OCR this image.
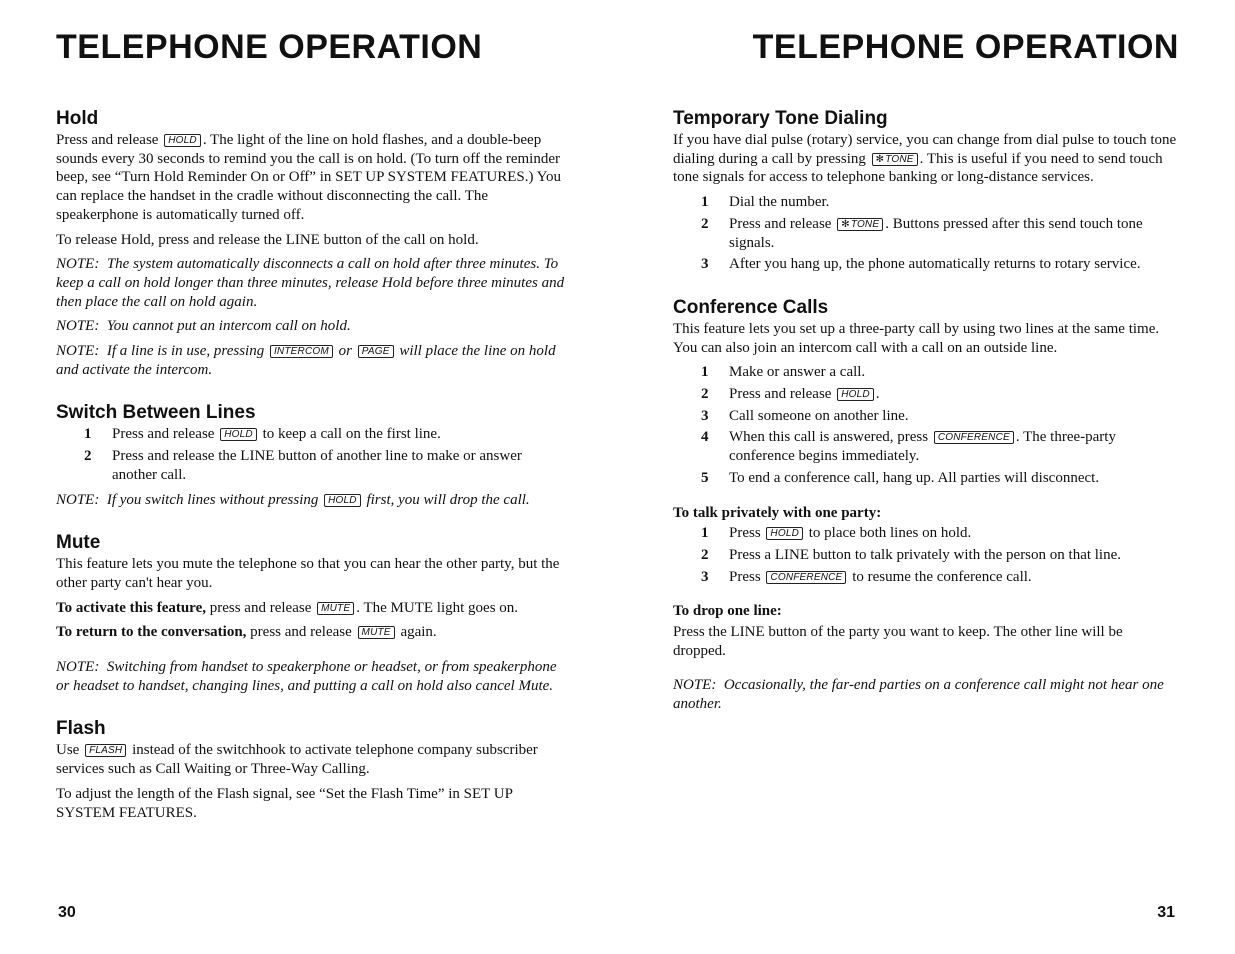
TELEPHONE OPERATION
Hold

Press and release HOLD . The light of the line on hold flashes, and a double-beep sounds every 30 seconds to remind you the call is on hold. (To turn off the reminder beep, see “Turn Hold Reminder On or Off” in SET UP SYSTEM FEATURES.) You can replace the handset in the cradle without disconnecting the call. The speakerphone is automatically turned off.

To release Hold, press and release the LINE button of the call on hold.

NOTE: The system automatically disconnects a call on hold after three minutes. To keep a call on hold longer than three minutes, release Hold before three minutes and then place the call on hold again.

NOTE: You cannot put an intercom call on hold.

NOTE: If a line is in use, pressing INTERCOM or PAGE will place the line on hold and activate the intercom.

Switch Between Lines
1 Press and release HOLD to keep a call on the first line.
2 Press and release the LINE button of another line to make or answer another call.

NOTE: If you switch lines without pressing HOLD first, you will drop the call.

Mute

This feature lets you mute the telephone so that you can hear the other party, but the other party can't hear you.

To activate this feature, press and release MUTE . The MUTE light goes on.

To return to the conversation, press and release MUTE again.

NOTE: Switching from handset to speakerphone or headset, or from speakerphone or headset to handset, changing lines, and putting a call on hold also cancel Mute.

Flash

Use FLASH instead of the switchhook to activate telephone company subscriber services such as Call Waiting or Three-Way Calling.

To adjust the length of the Flash signal, see “Set the Flash Time” in SET UP SYSTEM FEATURES.

30
TELEPHONE OPERATION
Temporary Tone Dialing

If you have dial pulse (rotary) service, you can change from dial pulse to touch tone dialing during a call by pressing ✻TONE . This is useful if you need to send touch tone signals for access to telephone banking or long-distance services.

1 Dial the number.
2 Press and release ✻TONE . Buttons pressed after this send touch tone signals.
3 After you hang up, the phone automatically returns to rotary service.
Conference Calls

This feature lets you set up a three-party call by using two lines at the same time. You can also join an intercom call with a call on an outside line.

1 Make or answer a call.
2 Press and release HOLD .
3 Call someone on another line.
4 When this call is answered, press CONFERENCE . The three-party conference begins immediately.
5 To end a conference call, hang up. All parties will disconnect.

To talk privately with one party:

1 Press HOLD to place both lines on hold.
2 Press a LINE button to talk privately with the person on that line.
3 Press CONFERENCE to resume the conference call.

To drop one line:

Press the LINE button of the party you want to keep. The other line will be dropped.

NOTE: Occasionally, the far-end parties on a conference call might not hear one another.

31
